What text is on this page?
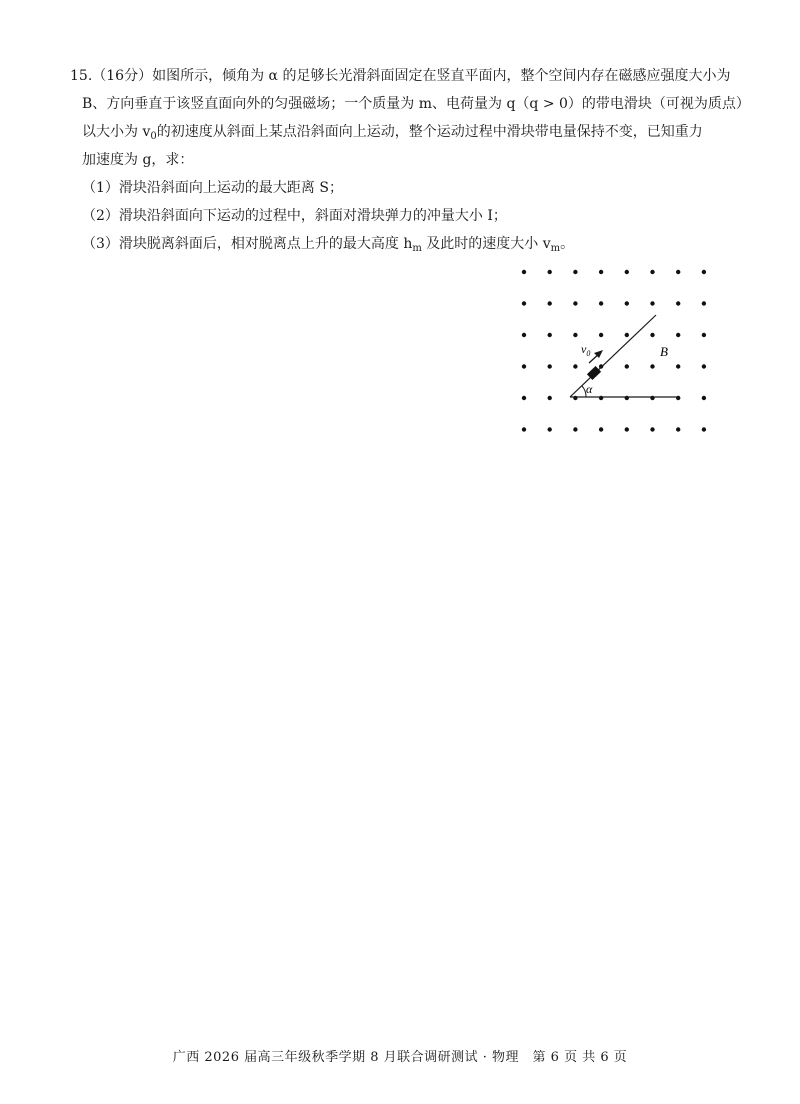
15.（16分）如图所示，倾角为 α 的足够长光滑斜面固定在竖直平面内，整个空间内存在磁感应强度大小为
B、方向垂直于该竖直面向外的匀强磁场；一个质量为 m、电荷量为 q（q > 0）的带电滑块（可视为质点）
以大小为 $v_0$的初速度从斜面上某点沿斜面向上运动，整个运动过程中滑块带电量保持不变，已知重力
加速度为 g，求：
（1）滑块沿斜面向上运动的最大距离 S；
（2）滑块沿斜面向下运动的过程中，斜面对滑块弹力的冲量大小 I；
（3）滑块脱离斜面后，相对脱离点上升的最大高度 $h_m$ 及此时的速度大小 $v_m$。
$v_0$	B
α
广西 2026 届高三年级秋季学期 8 月联合调研测试 · 物理　第 6 页 共 6 页
